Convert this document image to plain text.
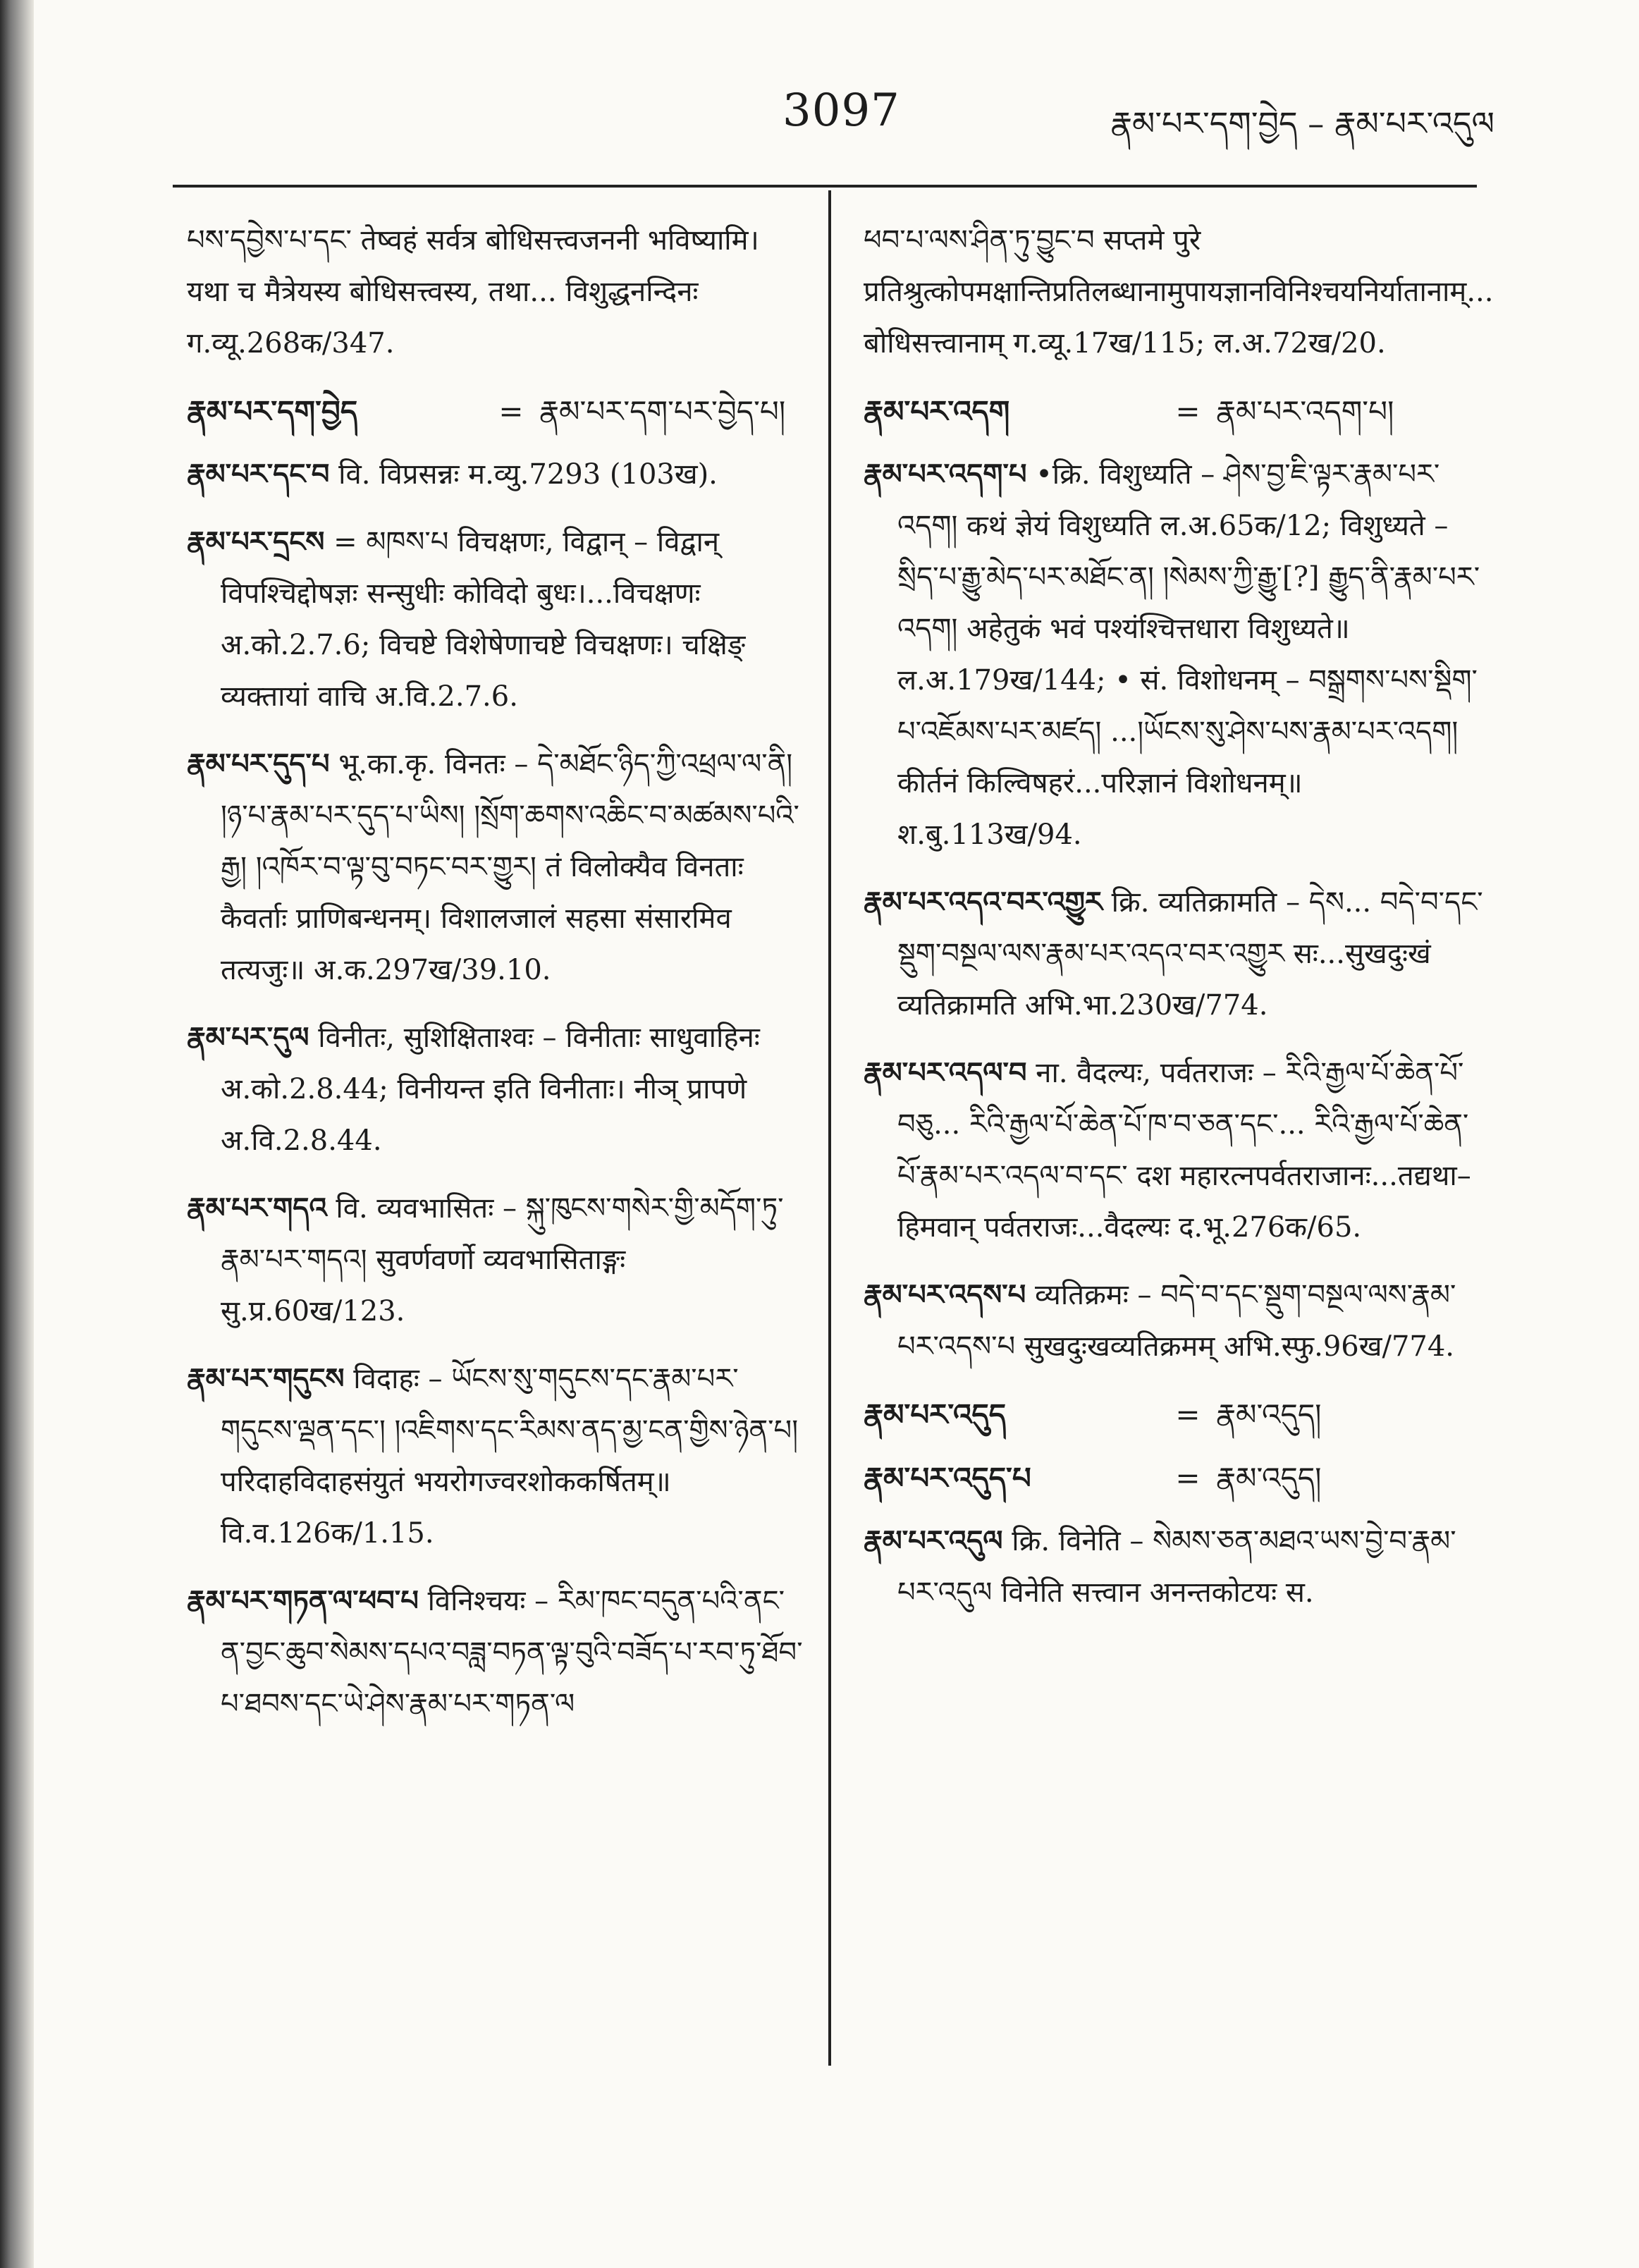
3097	རྣམ་པར་དག་བྱེད – རྣམ་པར་འདུལ

པས་དབྱེས་པ་དང་ तेष्वहं सर्वत्र बोधिसत्त्वजननी भविष्यामि। यथा च मैत्रेयस्य बोधिसत्त्वस्य, तथा... विशुद्धनन्दिनः ग.व्यू.268क/347.

རྣམ་པར་དག་བྱེད	= རྣམ་པར་དག་པར་བྱེད་པ།

རྣམ་པར་དང་བ वि. विप्रसन्नः म.व्यु.7293 (103ख).

རྣམ་པར་དྲངས = མཁས་པ विचक्षणः, विद्वान् – विद्वान् विपश्चिद्दोषज्ञः सन्सुधीः कोविदो बुधः।...विचक्षणः अ.को.2.7.6; विचष्टे विशेषेणाचष्टे विचक्षणः। चक्षिङ् व्यक्तायां वाचि अ.वि.2.7.6.

རྣམ་པར་དུད་པ भू.का.कृ. विनतः – དེ་མཐོང་ཉིད་ཀྱི་འཕྲལ་ལ་ནི། །ཉ་པ་རྣམ་པར་དུད་པ་ཡིས། །སྲོག་ཆགས་འཆིང་བ་མཚམས་པའི་རྒྱ། །འཁོར་བ་ལྟ་བུ་བཏང་བར་གྱུར། तं विलोक्यैव विनताः कैवर्ताः प्राणिबन्धनम्। विशालजालं सहसा संसारमिव तत्यजुः॥ अ.क.297ख/39.10.

རྣམ་པར་དུལ विनीतः, सुशिक्षिताश्वः – विनीताः साधुवाहिनः अ.को.2.8.44; विनीयन्त इति विनीताः। नीञ् प्रापणे अ.वि.2.8.44.

རྣམ་པར་གདའ वि. व्यवभासितः – སྐུ་ཁུངས་གསེར་གྱི་མདོག་ཏུ་རྣམ་པར་གདའ། सुवर्णवर्णो व्यवभासिताङ्गः सु.प्र.60ख/123.

རྣམ་པར་གདུངས विदाहः – ཡོངས་སུ་གདུངས་དང་རྣམ་པར་གདུངས་ལྡན་དང་། །འཇིགས་དང་རིམས་ནད་མྱ་ངན་གྱིས་ཉེན་པ། परिदाहविदाहसंयुतं भयरोगज्वरशोककर्षितम्॥ वि.व.126क/1.15.

རྣམ་པར་གཏན་ལ་ཕབ་པ विनिश्चयः – རིམ་ཁང་བདུན་པའི་ནང་ན་བྱང་ཆུབ་སེམས་དཔའ་བཟླ་བཏན་ལྟ་བུའི་བཟོད་པ་རབ་ཏུ་ཐོབ་པ་ཐབས་དང་ཡེ་ཤེས་རྣམ་པར་གཏན་ལ

ཕབ་པ་ལས་ཤིན་ཏུ་བྱུང་བ सप्तमे पुरे प्रतिश्रुत्कोपमक्षान्तिप्रतिलब्धानामुपायज्ञानविनिश्चयनिर्यातानाम्... बोधिसत्त्वानाम् ग.व्यू.17ख/115; ल.अ.72ख/20.

རྣམ་པར་འདག	= རྣམ་པར་འདག་པ།

རྣམ་པར་འདག་པ •क्रि. विशुध्यति – ཤེས་བྱ་ཇི་ལྟར་རྣམ་པར་འདག། कथं ज्ञेयं विशुध्यति ल.अ.65क/12; विशुध्यते – སྲིད་པ་རྒྱུ་མེད་པར་མཐོང་ན། །སེམས་ཀྱི་རྒྱུ་[?] རྒྱུད་ནི་རྣམ་པར་འདག། अहेतुकं भवं पश्यंश्चित्तधारा विशुध्यते॥ ल.अ.179ख/144; • सं. विशोधनम् – བསྒྲགས་པས་སྡིག་པ་འཇོམས་པར་མཛད། ...།ཡོངས་སུ་ཤེས་པས་རྣམ་པར་འདག། कीर्तनं किल्विषहरं...परिज्ञानं विशोधनम्॥ श.बु.113ख/94.

རྣམ་པར་འདའ་བར་འགྱུར क्रि. व्यतिक्रामति – དེས... བདེ་བ་དང་སྡུག་བསྔལ་ལས་རྣམ་པར་འདའ་བར་འགྱུར सः...सुखदुःखं व्यतिक्रामति अभि.भा.230ख/774.

རྣམ་པར་འདལ་བ ना. वैदल्यः, पर्वतराजः – རིའི་རྒྱལ་པོ་ཆེན་པོ་བཅུ... རིའི་རྒྱལ་པོ་ཆེན་པོ་ཁ་བ་ཅན་དང་... རིའི་རྒྱལ་པོ་ཆེན་པོ་རྣམ་པར་འདལ་བ་དང་ दश महारत्नपर्वतराजानः...तद्यथा–हिमवान् पर्वतराजः...वैदल्यः द.भू.276क/65.

རྣམ་པར་འདས་པ व्यतिक्रमः – བདེ་བ་དང་སྡུག་བསྔལ་ལས་རྣམ་པར་འདས་པ सुखदुःखव्यतिक्रमम् अभि.स्फु.96ख/774.

རྣམ་པར་འདུད	= རྣམ་འདུད།
རྣམ་པར་འདུད་པ	= རྣམ་འདུད།

རྣམ་པར་འདུལ क्रि. विनेति – སེམས་ཅན་མཐའ་ཡས་བྱེ་བ་རྣམ་པར་འདུལ विनेति सत्त्वान अनन्तकोटयः स.
